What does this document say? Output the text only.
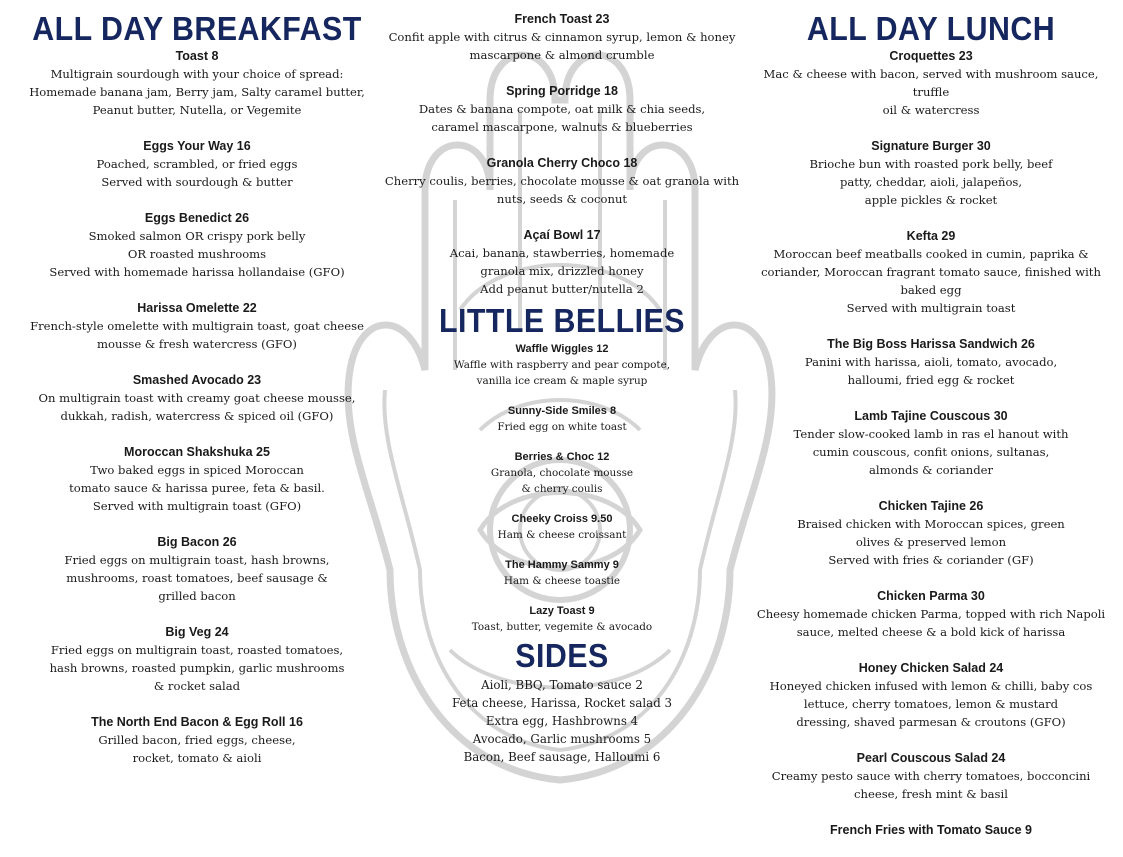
ALL DAY BREAKFAST
Toast 8
Multigrain sourdough with your choice of spread:
Homemade banana jam, Berry jam, Salty caramel butter,
Peanut butter, Nutella, or Vegemite
Eggs Your Way 16
Poached, scrambled, or fried eggs
Served with sourdough & butter
Eggs Benedict 26
Smoked salmon OR crispy pork belly
OR roasted mushrooms
Served with homemade harissa hollandaise (GFO)
Harissa Omelette 22
French-style omelette with multigrain toast, goat cheese
mousse & fresh watercress (GFO)
Smashed Avocado 23
On multigrain toast with creamy goat cheese mousse,
dukkah, radish, watercress & spiced oil (GFO)
Moroccan Shakshuka 25
Two baked eggs in spiced Moroccan
tomato sauce & harissa puree, feta & basil.
Served with multigrain toast (GFO)
Big Bacon 26
Fried eggs on multigrain toast, hash browns,
mushrooms, roast tomatoes, beef sausage &
grilled bacon
Big Veg 24
Fried eggs on multigrain toast, roasted tomatoes,
hash browns, roasted pumpkin, garlic mushrooms
& rocket salad
The North End Bacon & Egg Roll 16
Grilled bacon, fried eggs, cheese,
rocket, tomato & aioli
French Toast 23
Confit apple with citrus & cinnamon syrup, lemon & honey
mascarpone & almond crumble
Spring Porridge 18
Dates & banana compote, oat milk & chia seeds,
caramel mascarpone, walnuts & blueberries
Granola Cherry Choco 18
Cherry coulis, berries, chocolate mousse & oat granola with
nuts, seeds & coconut
Açaí Bowl 17
Acai, banana, stawberries, homemade
granola mix, drizzled honey
Add peanut butter/nutella 2
LITTLE BELLIES
Waffle Wiggles 12
Waffle with raspberry and pear compote,
vanilla ice cream & maple syrup
Sunny-Side Smiles 8
Fried egg on white toast
Berries & Choc 12
Granola, chocolate mousse
& cherry coulis
Cheeky Croiss 9.50
Ham & cheese croissant
The Hammy Sammy 9
Ham & cheese toastie
Lazy Toast 9
Toast, butter, vegemite & avocado
SIDES
Aioli, BBQ, Tomato sauce 2
Feta cheese, Harissa, Rocket salad 3
Extra egg, Hashbrowns 4
Avocado, Garlic mushrooms 5
Bacon, Beef sausage, Halloumi 6
ALL DAY LUNCH
Croquettes 23
Mac & cheese with bacon, served with mushroom sauce, truffle
oil & watercress
Signature Burger 30
Brioche bun with roasted pork belly, beef
patty, cheddar, aioli, jalapeños,
apple pickles & rocket
Kefta 29
Moroccan beef meatballs cooked in cumin, paprika &
coriander, Moroccan fragrant tomato sauce, finished with
baked egg
Served with multigrain toast
The Big Boss Harissa Sandwich 26
Panini with harissa, aioli, tomato, avocado,
halloumi, fried egg & rocket
Lamb Tajine Couscous 30
Tender slow-cooked lamb in ras el hanout with
cumin couscous, confit onions, sultanas,
almonds & coriander
Chicken Tajine 26
Braised chicken with Moroccan spices, green
olives & preserved lemon
Served with fries & coriander (GF)
Chicken Parma 30
Cheesy homemade chicken Parma, topped with rich Napoli
sauce, melted cheese & a bold kick of harissa
Honey Chicken Salad 24
Honeyed chicken infused with lemon & chilli, baby cos
lettuce, cherry tomatoes, lemon & mustard
dressing, shaved parmesan & croutons (GFO)
Pearl Couscous Salad 24
Creamy pesto sauce with cherry tomatoes, bocconcini
cheese, fresh mint & basil
French Fries with Tomato Sauce 9
